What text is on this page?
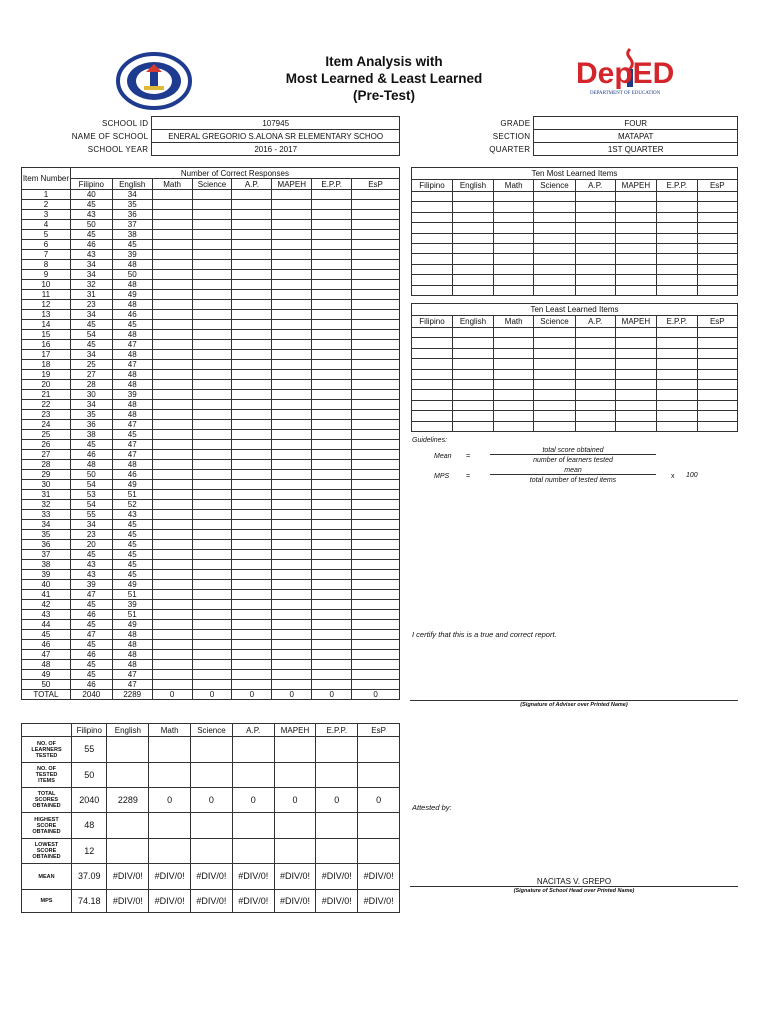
DepED
DEPARTMENT OF EDUCATION
Item Analysis with
Most Learned & Least Learned
(Pre-Test)
SCHOOL ID	107945
NAME OF SCHOOL	ENERAL GREGORIO S.ALONA SR ELEMENTARY SCHOO
SCHOOL YEAR	2016 - 2017
GRADE	FOUR
SECTION	MATAPAT
QUARTER	1ST QUARTER
Item Number	Number of Correct Responses							
	Filipino	English	Math	Science	A.P.	MAPEH	E.P.P.	EsP
1	40	34						
2	45	35						
3	43	36						
4	50	37						
5	45	38						
6	46	45						
7	43	39						
8	34	48						
9	34	50						
10	32	48						
11	31	49						
12	23	48						
13	34	46						
14	45	45						
15	54	48						
16	45	47						
17	34	48						
18	25	47						
19	27	48						
20	28	48						
21	30	39						
22	34	48						
23	35	48						
24	36	47						
25	38	45						
26	45	47						
27	46	47						
28	48	48						
29	50	46						
30	54	49						
31	53	51						
32	54	52						
33	55	43						
34	34	45						
35	23	45						
36	20	45						
37	45	45						
38	43	45						
39	43	45						
40	39	49						
41	47	51						
42	45	39						
43	46	51						
44	45	49						
45	47	48						
46	45	48						
47	46	48						
48	45	48						
49	45	47						
50	46	47						
TOTAL	2040	2289	0	0	0	0	0	0
Ten Most Learned Items							
Filipino	English	Math	Science	A.P.	MAPEH	E.P.P.	EsP

Ten Least Learned Items							
Filipino	English	Math	Science	A.P.	MAPEH	E.P.P.	EsP

Guidelines:
Mean =
total score obtained
number of learners tested
MPS =
mean
total number of tested items
x 100
I certify that this is a true and correct report.
(Signature of Adviser over Printed Name)
Attested by:
NACITAS V. GREPO
(Signature of School Head over Printed Name)
	Filipino	English	Math	Science	A.P.	MAPEH	E.P.P.	EsP
NO. OF LEARNERS TESTED	55							
NO. OF TESTED ITEMS	50							
TOTAL SCORES OBTAINED	2040	2289	0	0	0	0	0	0
HIGHEST SCORE OBTAINED	48							
LOWEST SCORE OBTAINED	12							
MEAN	37.09	#DIV/0!	#DIV/0!	#DIV/0!	#DIV/0!	#DIV/0!	#DIV/0!	#DIV/0!
MPS	74.18	#DIV/0!	#DIV/0!	#DIV/0!	#DIV/0!	#DIV/0!	#DIV/0!	#DIV/0!
